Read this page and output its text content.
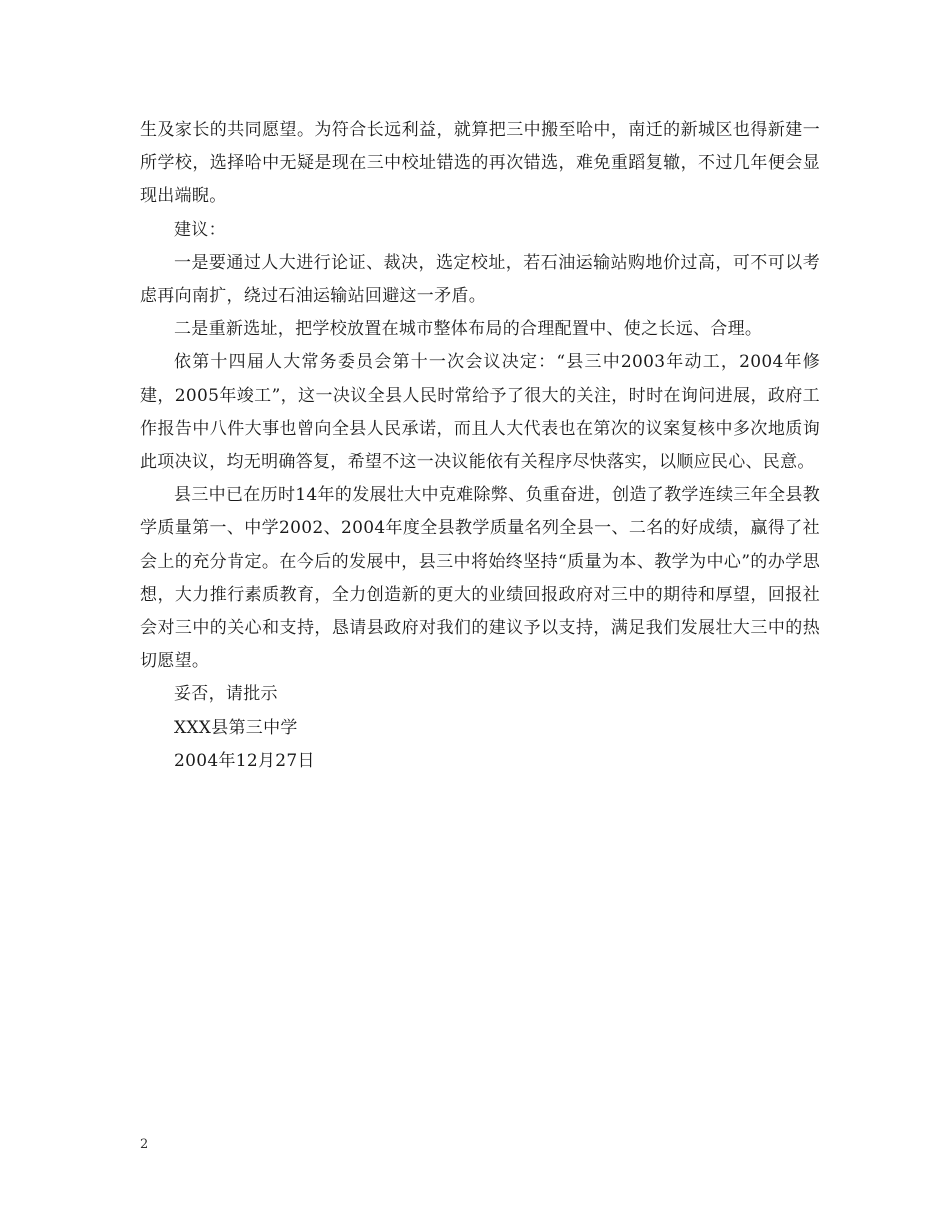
生及家长的共同愿望。为符合长远利益，就算把三中搬至哈中，南迁的新城区也得新建一所学校，选择哈中无疑是现在三中校址错选的再次错选，难免重蹈复辙，不过几年便会显现出端睨。

建议：

一是要通过人大进行论证、裁决，选定校址，若石油运输站购地价过高，可不可以考虑再向南扩，绕过石油运输站回避这一矛盾。

二是重新选址，把学校放置在城市整体布局的合理配置中、使之长远、合理。

依第十四届人大常务委员会第十一次会议决定：“县三中2003年动工，2004年修建，2005年竣工”，这一决议全县人民时常给予了很大的关注，时时在询问进展，政府工作报告中八件大事也曾向全县人民承诺，而且人大代表也在第次的议案复核中多次地质询此项决议，均无明确答复，希望不这一决议能依有关程序尽快落实，以顺应民心、民意。

县三中已在历时14年的发展壮大中克难除弊、负重奋进，创造了教学连续三年全县教学质量第一、中学2002、2004年度全县教学质量名列全县一、二名的好成绩，赢得了社会上的充分肯定。在今后的发展中，县三中将始终坚持“质量为本、教学为中心”的办学思想，大力推行素质教育，全力创造新的更大的业绩回报政府对三中的期待和厚望，回报社会对三中的关心和支持，恳请县政府对我们的建议予以支持，满足我们发展壮大三中的热切愿望。

妥否，请批示

XXX县第三中学

2004年12月27日

2
